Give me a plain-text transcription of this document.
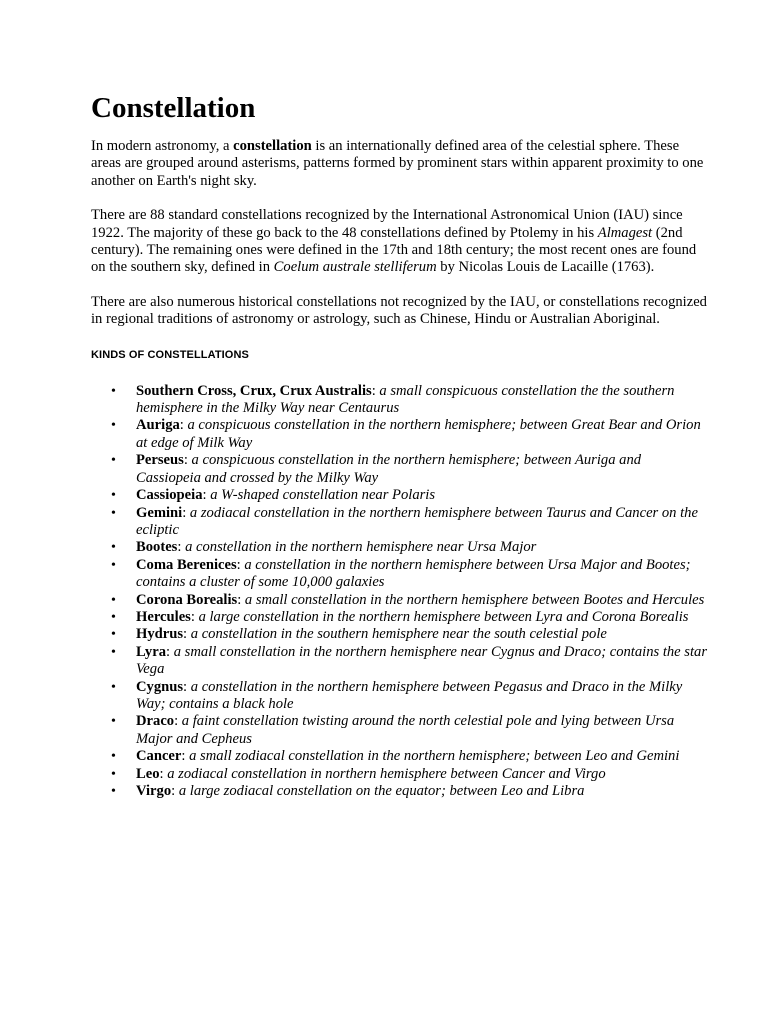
Constellation

In modern astronomy, a constellation is an internationally defined area of the celestial sphere. These areas are grouped around asterisms, patterns formed by prominent stars within apparent proximity to one another on Earth's night sky.

There are 88 standard constellations recognized by the International Astronomical Union (IAU) since 1922. The majority of these go back to the 48 constellations defined by Ptolemy in his Almagest (2nd century). The remaining ones were defined in the 17th and 18th century; the most recent ones are found on the southern sky, defined in Coelum australe stelliferum by Nicolas Louis de Lacaille (1763).

There are also numerous historical constellations not recognized by the IAU, or constellations recognized in regional traditions of astronomy or astrology, such as Chinese, Hindu or Australian Aboriginal.

KINDS OF CONSTELLATIONS
• Southern Cross, Crux, Crux Australis: a small conspicuous constellation the the southern hemisphere in the Milky Way near Centaurus
• Auriga: a conspicuous constellation in the northern hemisphere; between Great Bear and Orion at edge of Milk Way
• Perseus: a conspicuous constellation in the northern hemisphere; between Auriga and Cassiopeia and crossed by the Milky Way
• Cassiopeia: a W-shaped constellation near Polaris
• Gemini: a zodiacal constellation in the northern hemisphere between Taurus and Cancer on the ecliptic
• Bootes: a constellation in the northern hemisphere near Ursa Major
• Coma Berenices: a constellation in the northern hemisphere between Ursa Major and Bootes; contains a cluster of some 10,000 galaxies
• Corona Borealis: a small constellation in the northern hemisphere between Bootes and Hercules
• Hercules: a large constellation in the northern hemisphere between Lyra and Corona Borealis
• Hydrus: a constellation in the southern hemisphere near the south celestial pole
• Lyra: a small constellation in the northern hemisphere near Cygnus and Draco; contains the star Vega
• Cygnus: a constellation in the northern hemisphere between Pegasus and Draco in the Milky Way; contains a black hole
• Draco: a faint constellation twisting around the north celestial pole and lying between Ursa Major and Cepheus
• Cancer: a small zodiacal constellation in the northern hemisphere; between Leo and Gemini
• Leo: a zodiacal constellation in northern hemisphere between Cancer and Virgo
• Virgo: a large zodiacal constellation on the equator; between Leo and Libra
